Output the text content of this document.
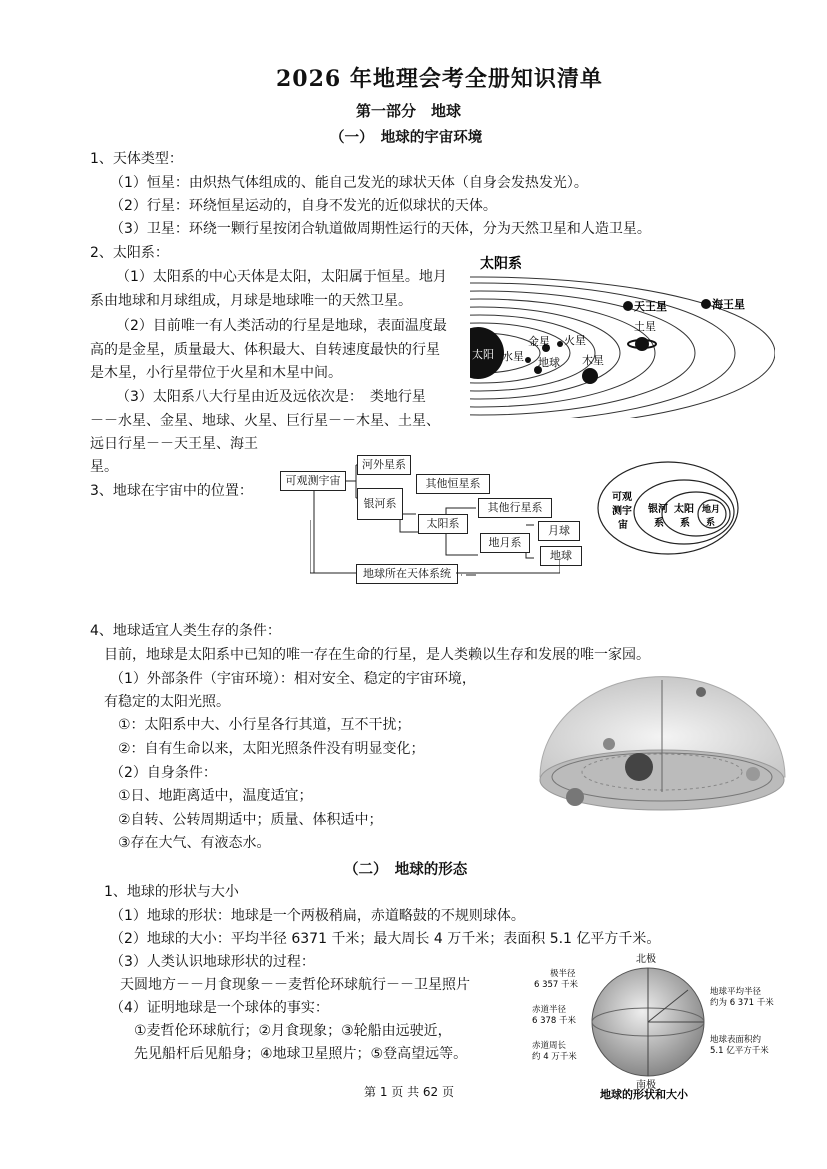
2026 年地理会考全册知识清单
第一部分　地球
（一）　地球的宇宙环境
1、天体类型：
（1）恒星：由炽热气体组成的、能自己发光的球状天体（自身会发热发光）。
（2）行星：环绕恒星运动的，自身不发光的近似球状的天体。
（3）卫星：环绕一颗行星按闭合轨道做周期性运行的天体，分为天然卫星和人造卫星。
2、太阳系：
（1）太阳系的中心天体是太阳，太阳属于恒星。地月
系由地球和月球组成，月球是地球唯一的天然卫星。
（2）目前唯一有人类活动的行星是地球，表面温度最
高的是金星，质量最大、体积最大、自转速度最快的行星
是木星，小行星带位于火星和木星中间。
（3）太阳系八大行星由近及远依次是：　类地行星
－－水星、金星、地球、火星、巨行星－－木星、土星、
远日行星－－天王星、海王
星。
太阳系
太阳 水星
金星
地球
火星
木星
土星
天王星	海王星
3、地球在宇宙中的位置：
可观测宇宙
河外星系
银河系
其他恒星系
太阳系
其他行星系
地月系
月球
地球
地球所在天体系统
可观测宇宙
银河系
太阳系
地月系
4、地球适宜人类生存的条件：
目前，地球是太阳系中已知的唯一存在生命的行星，是人类赖以生存和发展的唯一家园。
（1）外部条件（宇宙环境）：相对安全、稳定的宇宙环境，
有稳定的太阳光照。
①：太阳系中大、小行星各行其道，互不干扰；
②：自有生命以来，太阳光照条件没有明显变化；
（2）自身条件：
①日、地距离适中，温度适宜；
②自转、公转周期适中；质量、体积适中；
③存在大气、有液态水。
（二）　地球的形态
1、地球的形状与大小
（1）地球的形状：地球是一个两极稍扁，赤道略鼓的不规则球体。
（2）地球的大小：平均半径 6371 千米；最大周长 4 万千米；表面积 5.1 亿平方千米。
（3）人类认识地球形状的过程：
天圆地方－－月食现象－－麦哲伦环球航行－－卫星照片
（4）证明地球是一个球体的事实：
①麦哲伦环球航行；②月食现象；③轮船由远驶近，
先见船杆后见船身；④地球卫星照片；⑤登高望远等。
北极
南极
极半径 6 357 千米
赤道半径 6 378 千米
赤道周长约 4 万千米
地球平均半径约为 6 371 千米
地球表面积约 5.1 亿平方千米
地球的形状和大小
第 1 页 共 62 页
